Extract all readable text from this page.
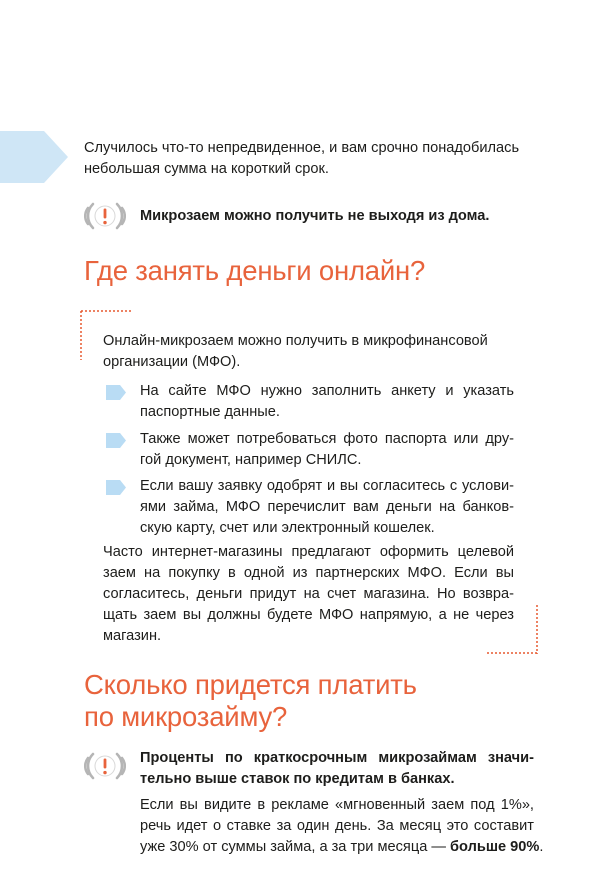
Случилось что-то непредвиденное, и вам срочно понадобилась
небольшая сумма на короткий срок.

Микрозаем можно получить не выходя из дома.

Где занять деньги онлайн?

Онлайн-микрозаем можно получить в микрофинансовой
организации (МФО).

На сайте МФО нужно заполнить анкету и указать
паспортные данные.

Также может потребоваться фото паспорта или дру-
гой документ, например СНИЛС.

Если вашу заявку одобрят и вы согласитесь с услови-
ями займа, МФО перечислит вам деньги на банков-
скую карту, счет или электронный кошелек.

Часто интернет-магазины предлагают оформить целевой
заем на покупку в одной из партнерских МФО. Если вы
согласитесь, деньги придут на счет магазина. Но возвра-
щать заем вы должны будете МФО напрямую, а не через
магазин.

Сколько придется платить
по микрозайму?

Проценты по краткосрочным микрозаймам значи-
тельно выше ставок по кредитам в банках.

Если вы видите в рекламе «мгновенный заем под 1%»,
речь идет о ставке за один день. За месяц это составит
уже 30% от суммы займа, а за три месяца — больше 90%.
